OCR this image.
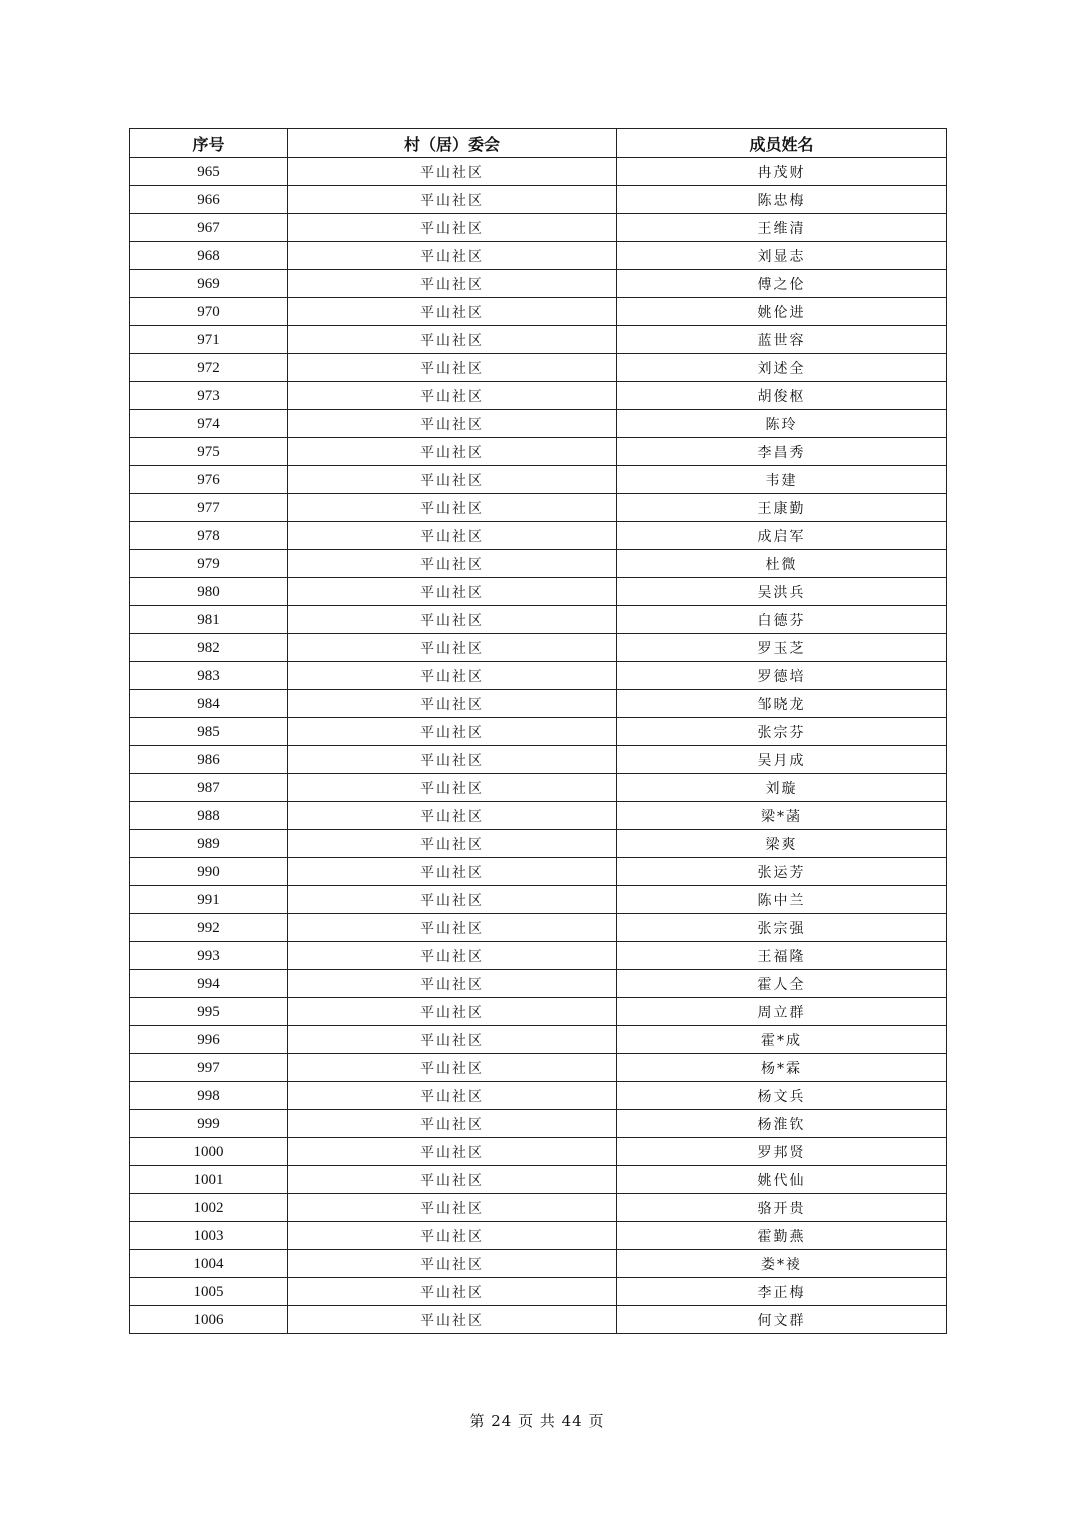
序号	村（居）委会	成员姓名
965	平山社区	冉茂财
966	平山社区	陈忠梅
967	平山社区	王维清
968	平山社区	刘显志
969	平山社区	傅之伦
970	平山社区	姚伦进
971	平山社区	蓝世容
972	平山社区	刘述全
973	平山社区	胡俊枢
974	平山社区	陈玲
975	平山社区	李昌秀
976	平山社区	韦建
977	平山社区	王康勤
978	平山社区	成启军
979	平山社区	杜微
980	平山社区	吴洪兵
981	平山社区	白德芬
982	平山社区	罗玉芝
983	平山社区	罗德培
984	平山社区	邹晓龙
985	平山社区	张宗芬
986	平山社区	吴月成
987	平山社区	刘璇
988	平山社区	梁*菡
989	平山社区	梁爽
990	平山社区	张运芳
991	平山社区	陈中兰
992	平山社区	张宗强
993	平山社区	王福隆
994	平山社区	霍人全
995	平山社区	周立群
996	平山社区	霍*成
997	平山社区	杨*霖
998	平山社区	杨文兵
999	平山社区	杨淮钦
1000	平山社区	罗邦贤
1001	平山社区	姚代仙
1002	平山社区	骆开贵
1003	平山社区	霍勤燕
1004	平山社区	娄*祾
1005	平山社区	李正梅
1006	平山社区	何文群
第 24 页 共 44 页
